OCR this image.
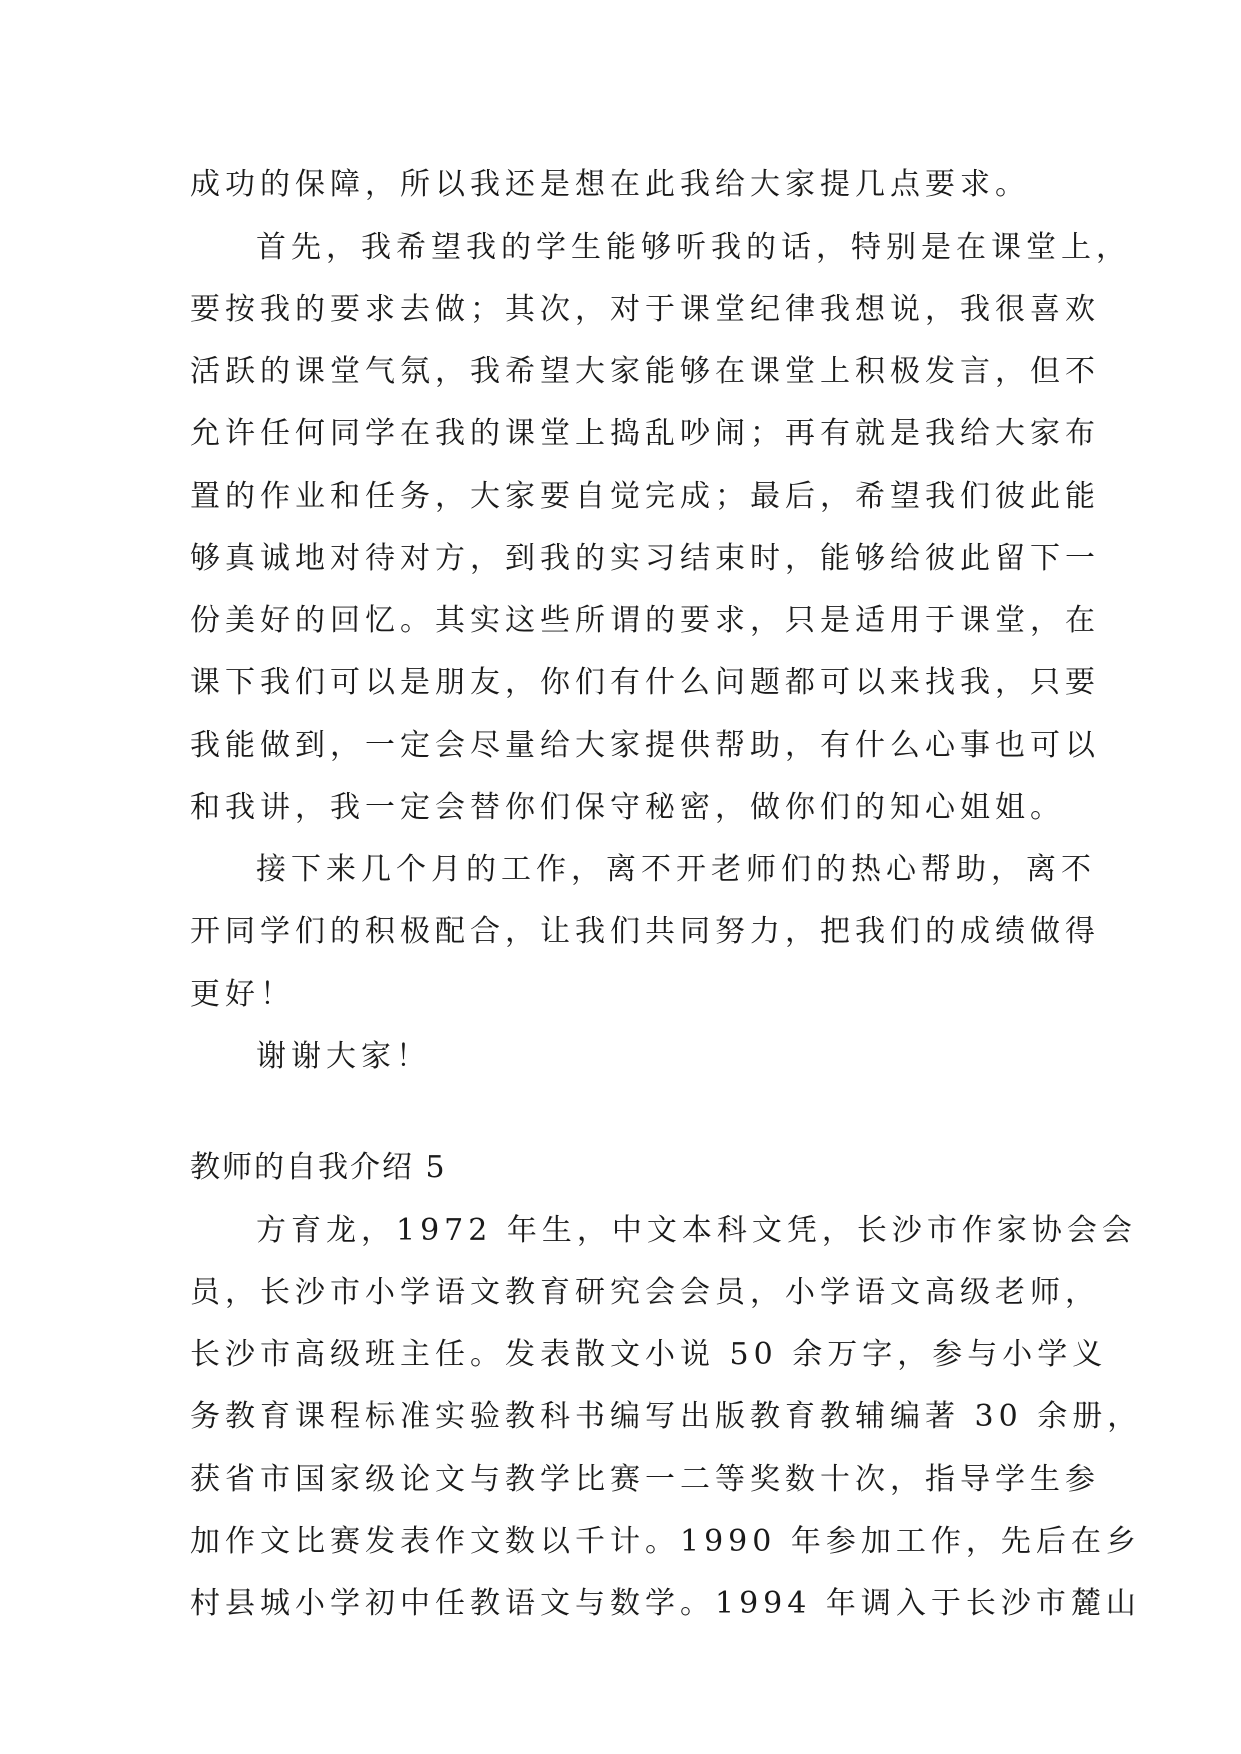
成功的保障，所以我还是想在此我给大家提几点要求。
首先，我希望我的学生能够听我的话，特别是在课堂上，
要按我的要求去做；其次，对于课堂纪律我想说，我很喜欢
活跃的课堂气氛，我希望大家能够在课堂上积极发言，但不
允许任何同学在我的课堂上捣乱吵闹；再有就是我给大家布
置的作业和任务，大家要自觉完成；最后，希望我们彼此能
够真诚地对待对方，到我的实习结束时，能够给彼此留下一
份美好的回忆。其实这些所谓的要求，只是适用于课堂，在
课下我们可以是朋友，你们有什么问题都可以来找我，只要
我能做到，一定会尽量给大家提供帮助，有什么心事也可以
和我讲，我一定会替你们保守秘密，做你们的知心姐姐。
接下来几个月的工作，离不开老师们的热心帮助，离不
开同学们的积极配合，让我们共同努力，把我们的成绩做得
更好！
谢谢大家！
教师的自我介绍 5
方育龙，1972 年生，中文本科文凭，长沙市作家协会会
员，长沙市小学语文教育研究会会员，小学语文高级老师，
长沙市高级班主任。发表散文小说 50 余万字，参与小学义
务教育课程标准实验教科书编写出版教育教辅编著 30 余册，
获省市国家级论文与教学比赛一二等奖数十次，指导学生参
加作文比赛发表作文数以千计。1990 年参加工作，先后在乡
村县城小学初中任教语文与数学。1994 年调入于长沙市麓山
